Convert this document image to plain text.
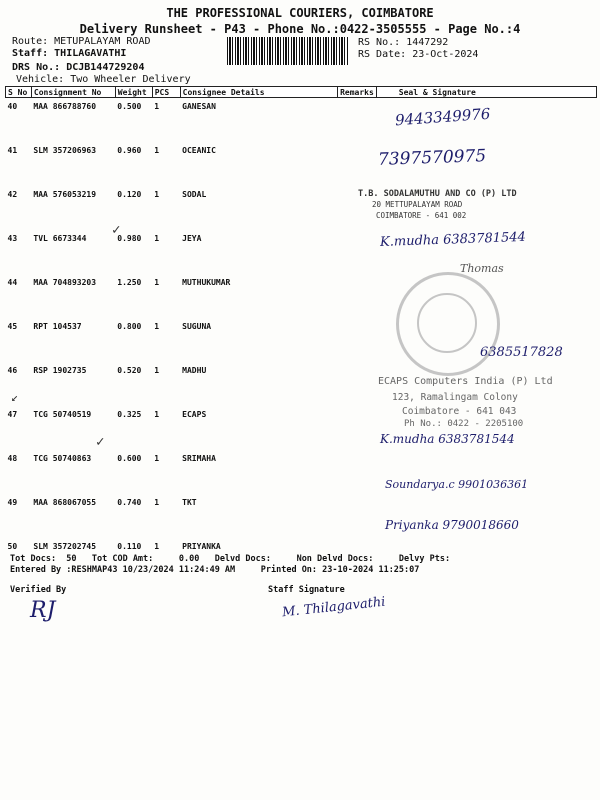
THE PROFESSIONAL COURIERS, COIMBATORE
Delivery Runsheet - P43 - Phone No.:0422-3505555 - Page No.:4
Route: METUPALAYAM ROAD
Staff: THILAGAVATHI
DRS No.: DCJB144729204
Vehicle: Two Wheeler Delivery
RS No.: 1447292
RS Date: 23-Oct-2024
S No	Consignment No	Weight	PCS	Consignee Details	Remarks	Seal & Signature
40	MAA 866788760	0.500	1	GANESAN		
41	SLM 357206963	0.960	1	OCEANIC		
42	MAA 576053219	0.120	1	SODAL		
43	TVL 6673344	0.980	1	JEYA		
44	MAA 704893203	1.250	1	MUTHUKUMAR		
45	RPT 104537	0.800	1	SUGUNA		
46	RSP 1902735	0.520	1	MADHU		
47	TCG 50740519	0.325	1	ECAPS		
48	TCG 50740863	0.600	1	SRIMAHA		
49	MAA 868067055	0.740	1	TKT		
50	SLM 357202745	0.110	1	PRIYANKA		
9443349976
7397570975
T.B. SODALAMUTHU AND CO (P) LTD
20 METTUPALAYAM ROAD
COIMBATORE - 641 002
K.mudha 6383781544
Thomas
6385517828
ECAPS Computers India (P) Ltd
123, Ramalingam Colony
Coimbatore - 641 043
Ph No.: 0422 - 2205100
K.mudha 6383781544
Soundarya.c 9901036361
Priyanka 9790018660
✓
✓
↙
Tot Docs:  50   Tot COD Amt:     0.00   Delvd Docs:     Non Delvd Docs:     Delvy Pts:
Entered By :RESHMAP43 10/23/2024 11:24:49 AM     Printed On: 23-10-2024 11:25:07
Verified By	Staff Signature
RJ	M. Thilagavathi
